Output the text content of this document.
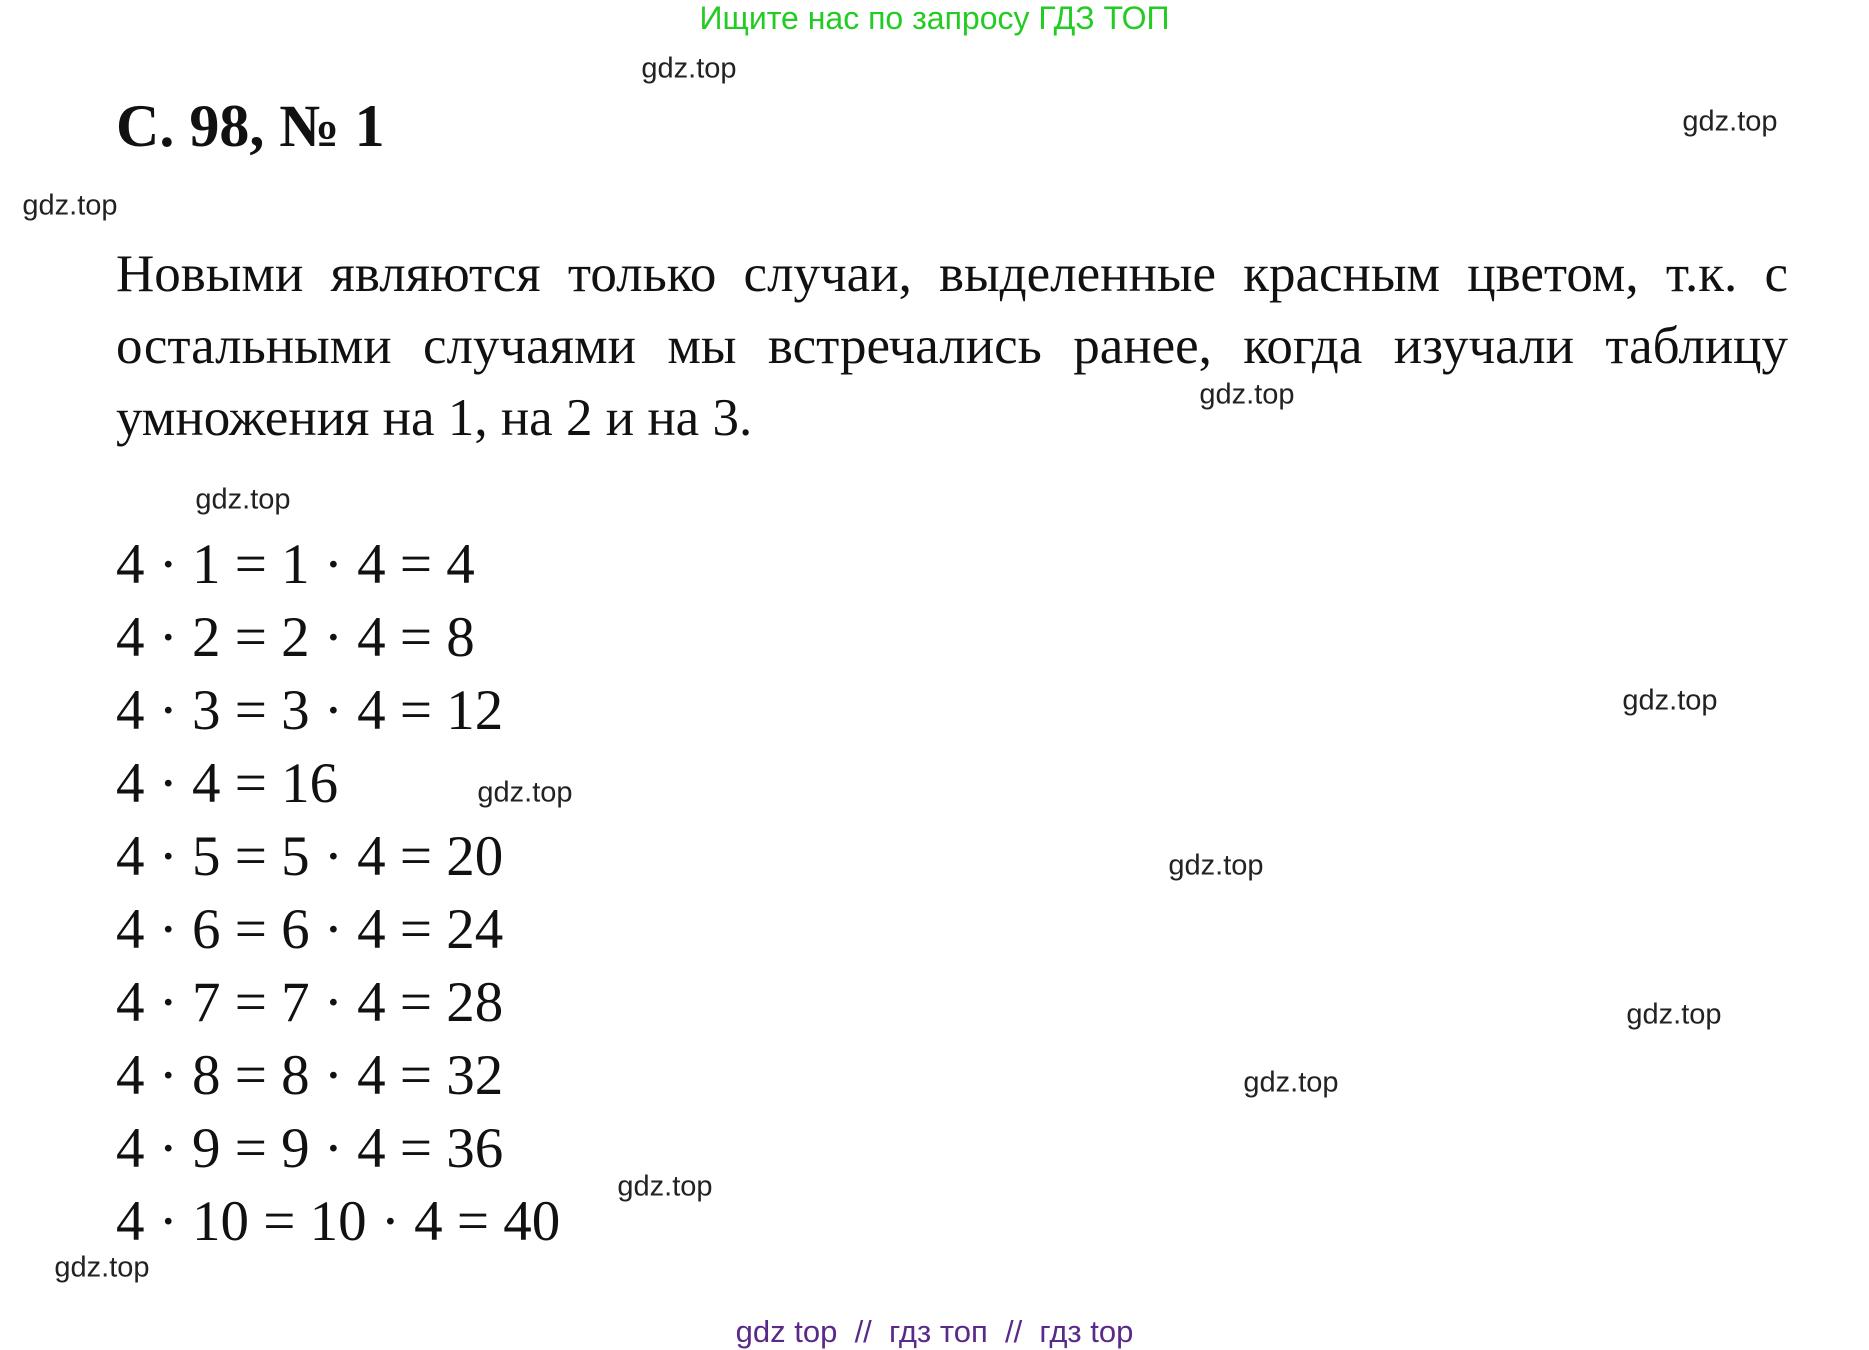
Ищите нас по запросу ГДЗ ТОП
С. 98, № 1
Новыми являются только случаи, выделенные красным цветом, т.к. с остальными случаями мы встречались ранее, когда изучали таблицу умножения на 1, на 2 и на 3.
4 · 1 = 1 · 4 = 4
4 · 2 = 2 · 4 = 8
4 · 3 = 3 · 4 = 12
4 · 4 = 16
4 · 5 = 5 · 4 = 20
4 · 6 = 6 · 4 = 24
4 · 7 = 7 · 4 = 28
4 · 8 = 8 · 4 = 32
4 · 9 = 9 · 4 = 36
4 · 10 = 10 · 4 = 40
gdz.top
gdz.top
gdz.top
gdz.top
gdz.top
gdz.top
gdz.top
gdz.top
gdz.top
gdz.top
gdz.top
gdz.top
gdz top  //  гдз топ  //  гдз top
